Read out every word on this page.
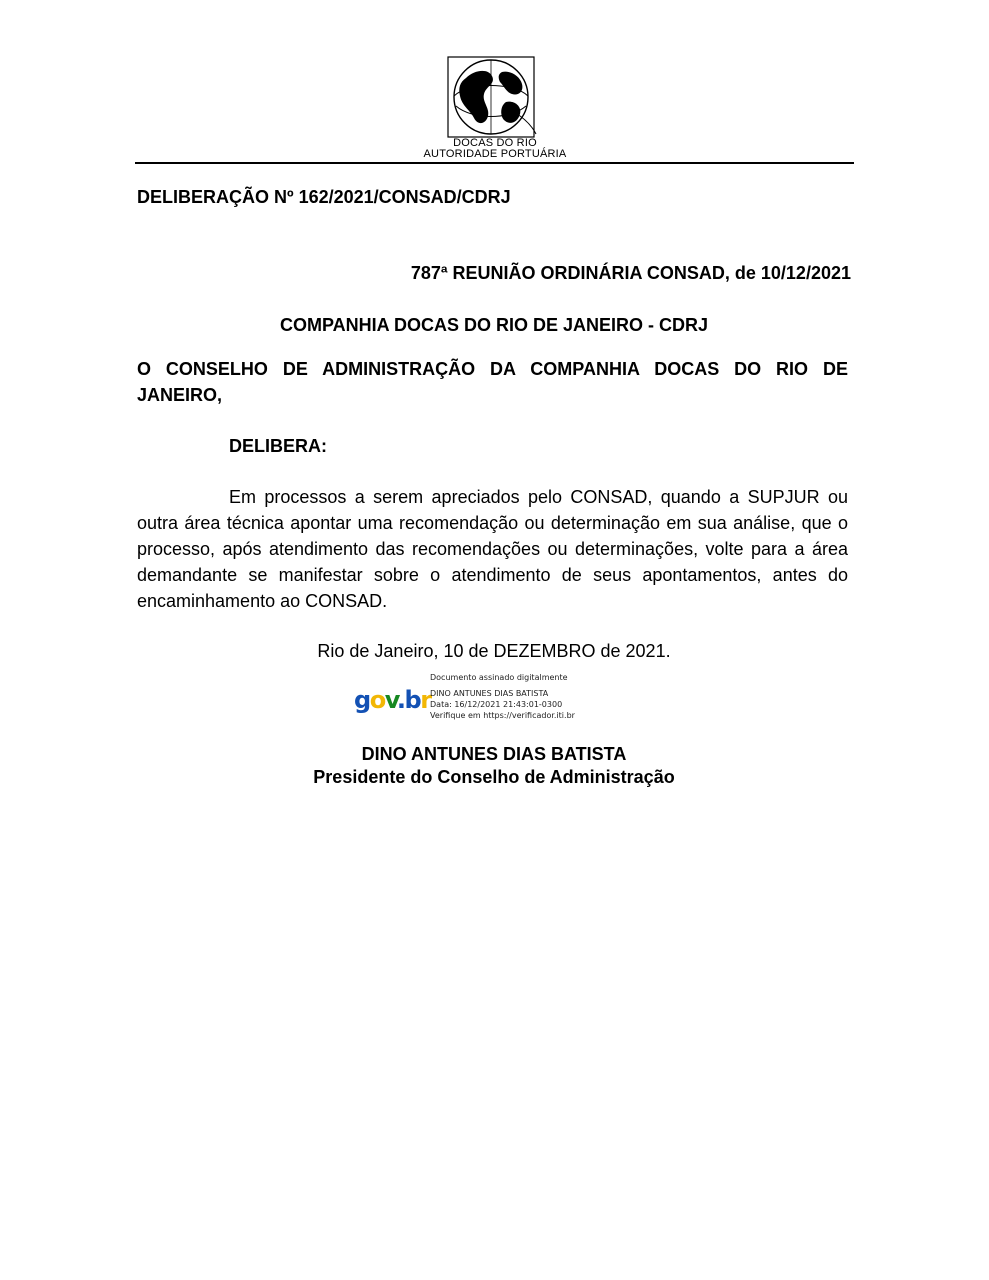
DOCAS DO RIO
AUTORIDADE PORTUÁRIA
DELIBERAÇÃO Nº 162/2021/CONSAD/CDRJ
787ª REUNIÃO ORDINÁRIA CONSAD, de 10/12/2021
COMPANHIA DOCAS DO RIO DE JANEIRO - CDRJ
O CONSELHO DE ADMINISTRAÇÃO DA COMPANHIA DOCAS DO RIO DE JANEIRO,
DELIBERA:
Em processos a serem apreciados pelo CONSAD, quando a SUPJUR ou outra área técnica apontar uma recomendação ou determinação em sua análise, que o processo, após atendimento das recomendações ou determinações, volte para a área demandante se manifestar sobre o atendimento de seus apontamentos, antes do encaminhamento ao CONSAD.
Rio de Janeiro, 10 de DEZEMBRO de 2021.
gov.br
Documento assinado digitalmente
DINO ANTUNES DIAS BATISTA
Data: 16/12/2021 21:43:01-0300
Verifique em https://verificador.iti.br
DINO ANTUNES DIAS BATISTA
Presidente do Conselho de Administração
